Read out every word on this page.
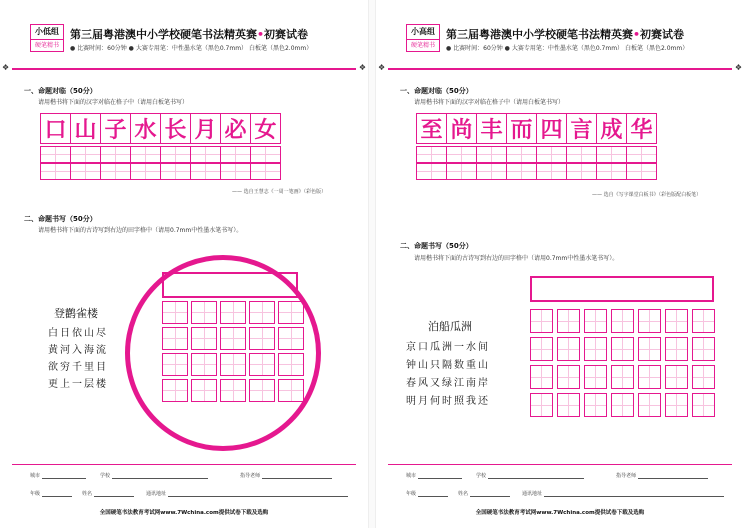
小低组
硬笔精书
第三届粤港澳中小学校硬笔书法精英赛•初赛试卷
● 比赛时间：60分钟 ● 大赛专用笔：中性墨水笔（黑色0.7mm） 白板笔（黑色2.0mm）
❖	❖
一、命题对临（50分）
请用楷书将下面的汉字对临在格子中（请用白板笔书写）
口 山 子 水 长 月 必 女
—— 选自王慧志《一周一笔画》（彩色版）
二、命题书写（50分）
请用楷书将下面的古诗写到右边的田字格中（请用0.7mm中性墨水笔书写）。
登鹳雀楼
白日依山尽
黄河入海流
欲穷千里目
更上一层楼
城市	学校	指导老师
年级	姓名	通讯地址
全国硬笔书法教育考试网www.7Wchina.com提供试卷下载及选购
小高组
硬笔精书
第三届粤港澳中小学校硬笔书法精英赛•初赛试卷
● 比赛时间：60分钟 ● 大赛专用笔：中性墨水笔（黑色0.7mm） 白板笔（黑色2.0mm）
❖	❖
一、命题对临（50分）
请用楷书将下面的汉字对临在格子中（请用白板笔书写）
至 尚 丰 而 四 言 成 华
—— 选自《写字课堂白板书》（彩色版配白板笔）
二、命题书写（50分）
请用楷书将下面的古诗写到右边的田字格中（请用0.7mm中性墨水笔书写）。
泊船瓜洲
京口瓜洲一水间
钟山只隔数重山
春风又绿江南岸
明月何时照我还
城市	学校	指导老师
年级	姓名	通讯地址
全国硬笔书法教育考试网www.7Wchina.com提供试卷下载及选购
